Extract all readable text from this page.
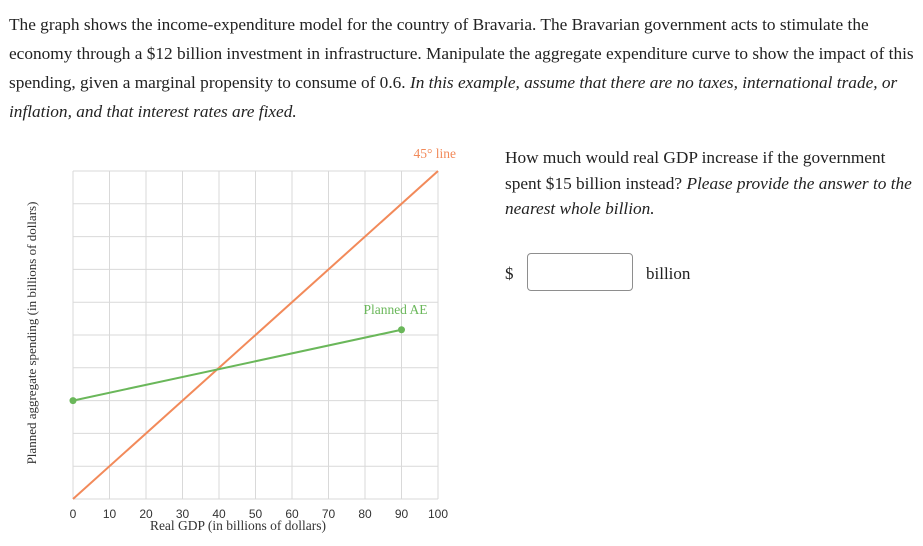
The graph shows the income-expenditure model for the country of Bravaria. The Bravarian government acts to stimulate the economy through a $12 billion investment in infrastructure. Manipulate the aggregate expenditure curve to show the impact of this spending, given a marginal propensity to consume of 0.6. In this example, assume that there are no taxes, international trade, or inflation, and that interest rates are fixed.
0 10 20 30 40 50 60 70 80 90 100
Real GDP (in billions of dollars)
Planned aggregate spending (in billions of dollars)
45° line
Planned AE
How much would real GDP increase if the government spent $15 billion instead? Please provide the answer to the nearest whole billion.
$	billion
